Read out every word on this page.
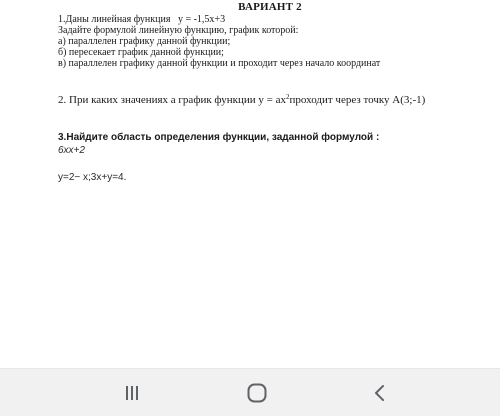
ВАРИАНТ 2
1.Даны линейная функция y = -1,5x+3
Задайте формулой линейную функцию, график которой:
а) параллелен графику данной функции;
б) пересекает график данной функции;
в) параллелен графику данной функции и проходит через начало координат
2. При каких значениях а график функции $y = ах^2проходит$ через точку A(3;-1)
3.Найдите область определения функции, заданной формулой :
6хх+2
y=2− x;3x+y=4.
